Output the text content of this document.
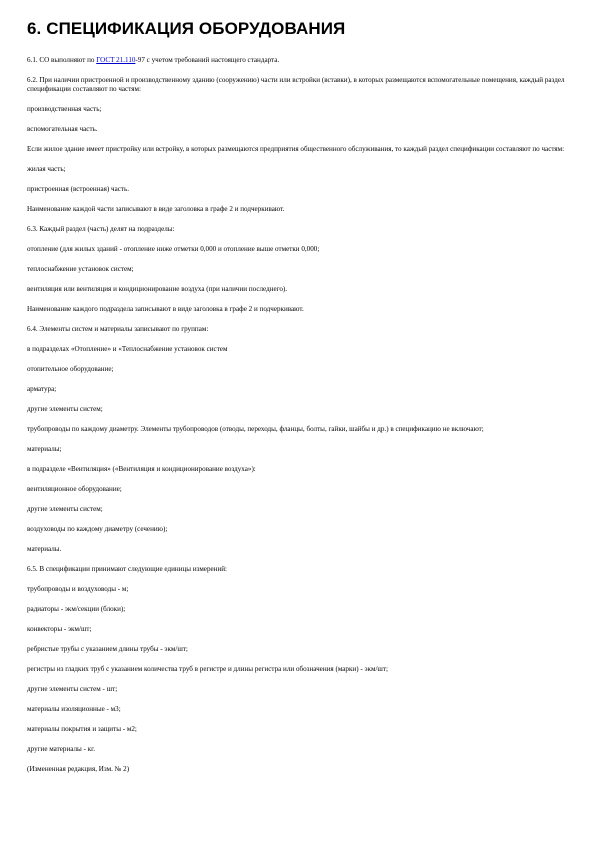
6. СПЕЦИФИКАЦИЯ ОБОРУДОВАНИЯ

6.1. СО выполняют по ГОСТ 21.110-97 с учетом требований настоящего стандарта.

6.2. При наличии пристроенной и производственному зданию (сооружению) части или встройки (вставки), в которых размещаются вспомогательные помещения, каждый раздел спецификации составляют по частям:

производственная часть;

вспомогательная часть.

Если жилое здание имеет пристройку или встройку, в которых размещаются предприятия общественного обслуживания, то каждый раздел спецификации составляют по частям:

жилая часть;

пристроенная (встроенная) часть.

Наименование каждой части записывают в виде заголовка в графе 2 и подчеркивают.

6.3. Каждый раздел (часть) делят на подразделы:

отопление (для жилых зданий - отопление ниже отметки 0,000 и отопление выше отметки 0,000;

теплоснабжение установок систем;

вентиляция или вентиляция и кондиционирование воздуха (при наличии последнего).

Наименование каждого подраздела записывают в виде заголовка в графе 2 и подчеркивают.

6.4. Элементы систем и материалы записывают по группам:

в подразделах «Отопление» и «Теплоснабжение установок систем

отопительное оборудование;

арматура;

другие элементы систем;

трубопроводы по каждому диаметру. Элементы трубопроводов (отводы, переходы, фланцы, болты, гайки, шайбы и др.) в спецификацию не включают;

материалы;

в подразделе «Вентиляция» («Вентиляция и кондиционирование воздуха»):

вентиляционное оборудование;

другие элементы систем;

воздуховоды по каждому диаметру (сечению);

материалы.

6.5. В спецификации принимают следующие единицы измерений:

трубопроводы и воздуховоды - м;

радиаторы - экм/секции (блоки);

конвекторы - экм/шт;

ребристые трубы с указанием длины трубы - экм/шт;

регистры из гладких труб с указанием количества труб в регистре и длины регистра или обозначения (марки) - экм/шт;

другие элементы систем - шт;

материалы изоляционные - м3;

материалы покрытия и защиты - м2;

другие материалы - кг.

(Измененная редакция, Изм. № 2)
